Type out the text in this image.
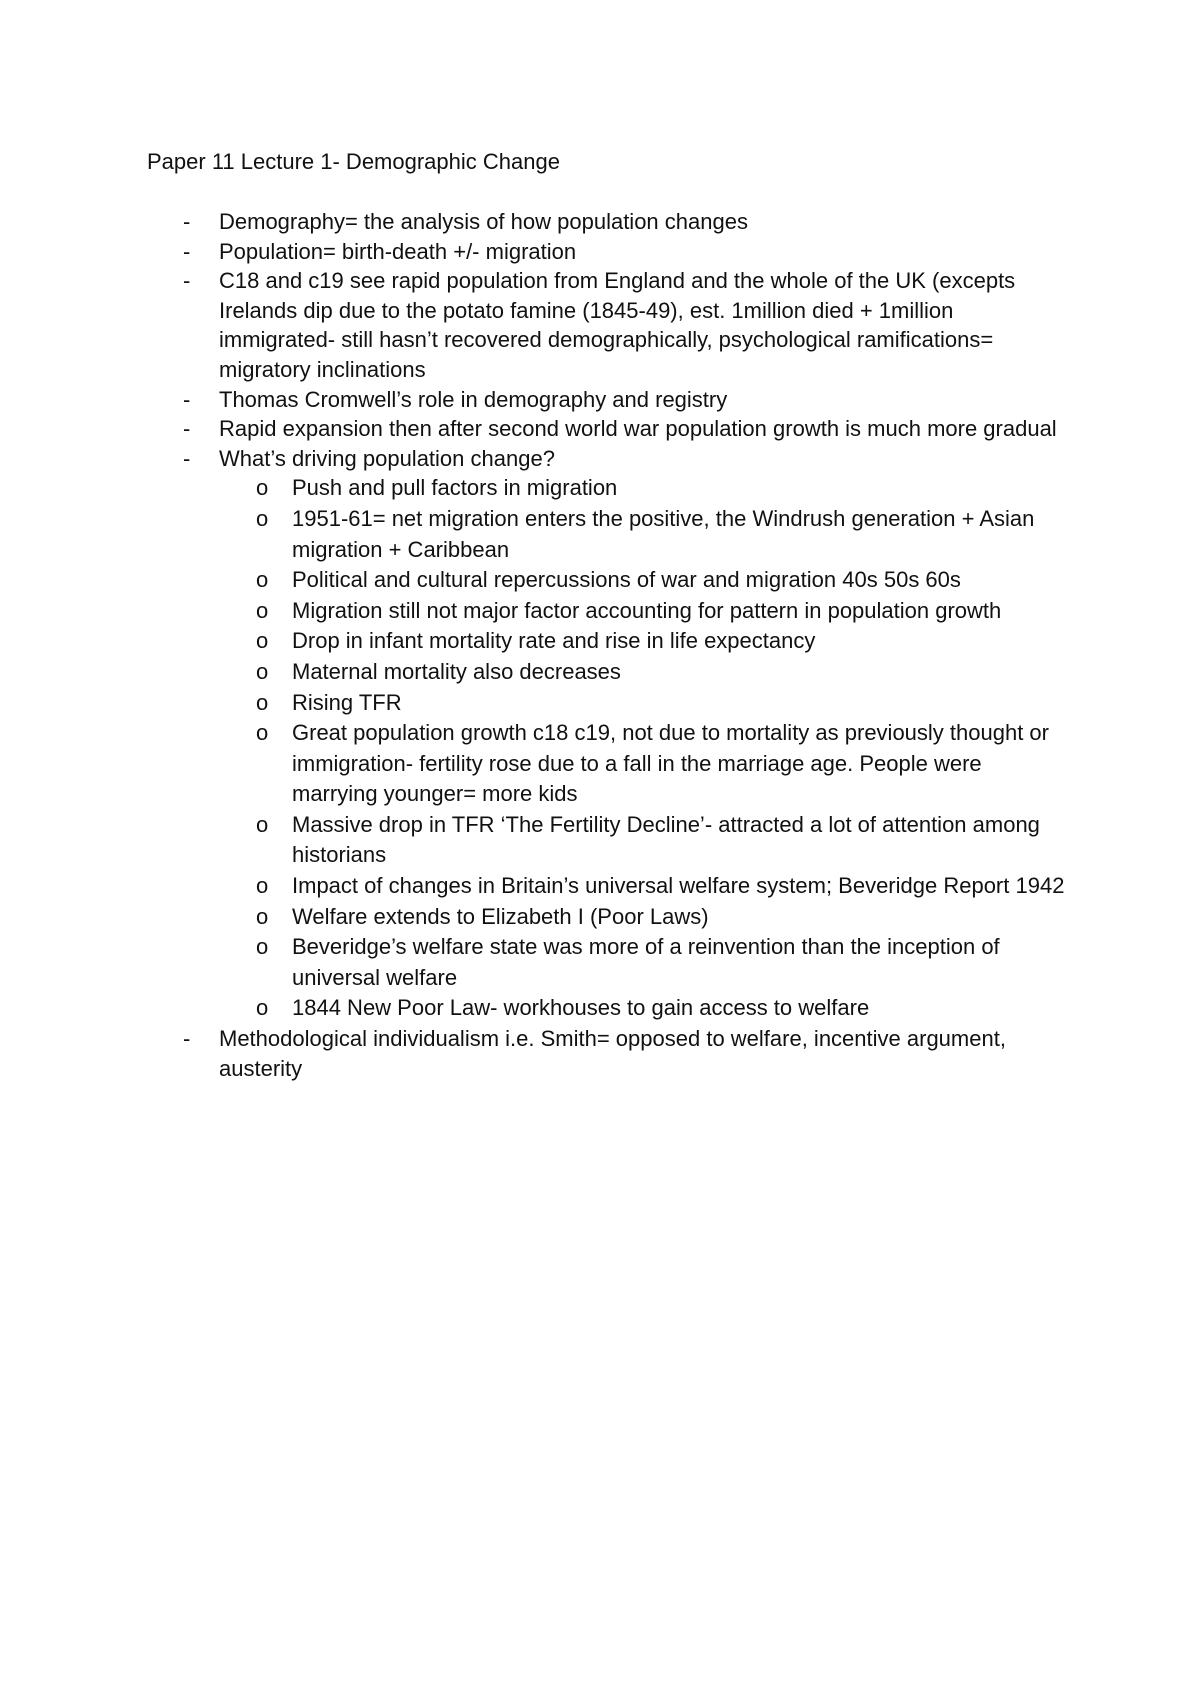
Paper 11 Lecture 1- Demographic Change
- Demography= the analysis of how population changes
- Population= birth-death +/- migration
- C18 and c19 see rapid population from England and the whole of the UK (excepts Irelands dip due to the potato famine (1845-49), est. 1million died + 1million immigrated- still hasn’t recovered demographically, psychological ramifications= migratory inclinations
- Thomas Cromwell’s role in demography and registry
- Rapid expansion then after second world war population growth is much more gradual
- What’s driving population change?
o Push and pull factors in migration
o 1951-61= net migration enters the positive, the Windrush generation + Asian migration + Caribbean
o Political and cultural repercussions of war and migration 40s 50s 60s
o Migration still not major factor accounting for pattern in population growth
o Drop in infant mortality rate and rise in life expectancy
o Maternal mortality also decreases
o Rising TFR
o Great population growth c18 c19, not due to mortality as previously thought or immigration- fertility rose due to a fall in the marriage age. People were marrying younger= more kids
o Massive drop in TFR ‘The Fertility Decline’- attracted a lot of attention among historians
o Impact of changes in Britain’s universal welfare system; Beveridge Report 1942
o Welfare extends to Elizabeth I (Poor Laws)
o Beveridge’s welfare state was more of a reinvention than the inception of universal welfare
o 1844 New Poor Law- workhouses to gain access to welfare
- Methodological individualism i.e. Smith= opposed to welfare, incentive argument, austerity
